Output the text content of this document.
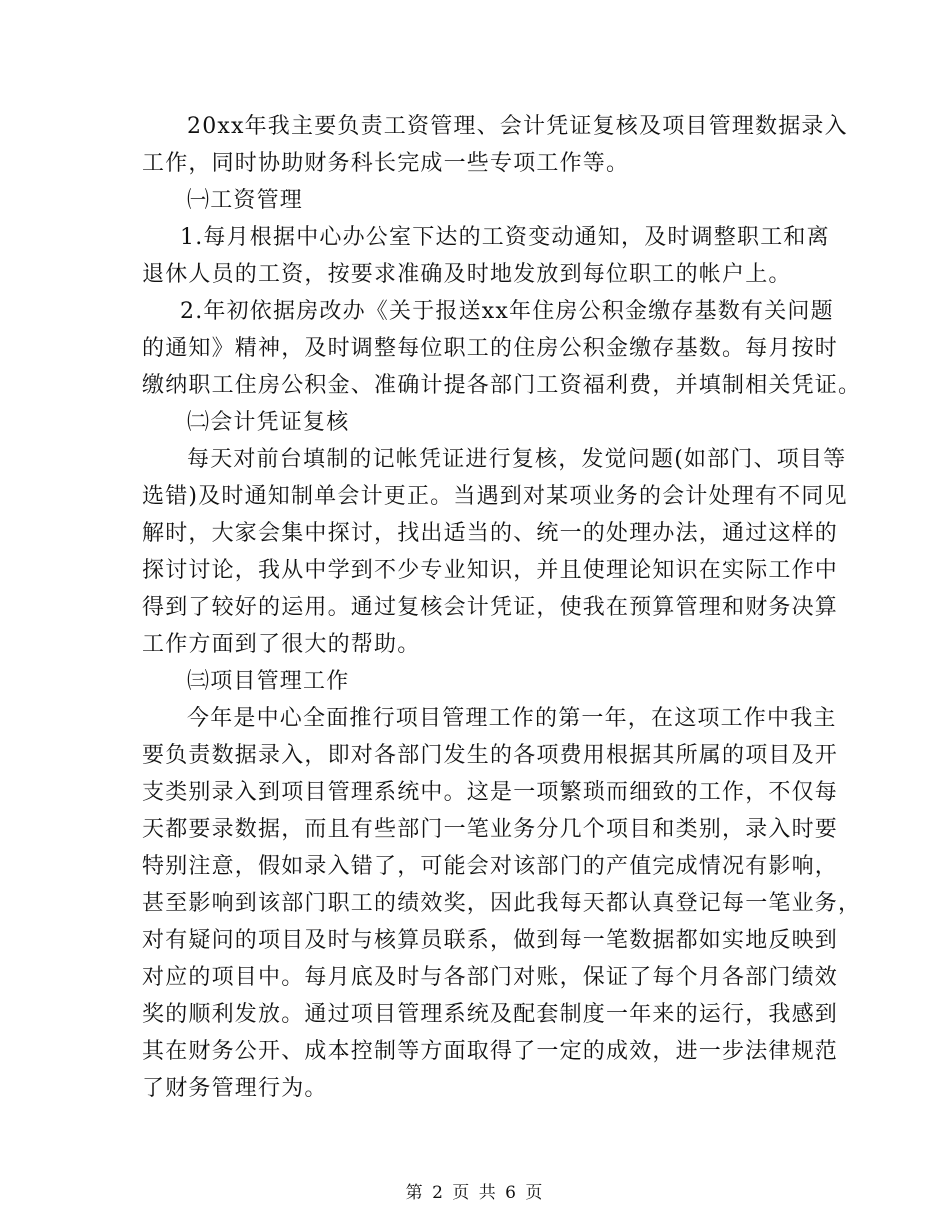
20xx年我主要负责工资管理、会计凭证复核及项目管理数据录入
工作，同时协助财务科长完成一些专项工作等。
㈠工资管理
1.每月根据中心办公室下达的工资变动通知，及时调整职工和离
退休人员的工资，按要求准确及时地发放到每位职工的帐户上。
2.年初依据房改办《关于报送xx年住房公积金缴存基数有关问题
的通知》精神，及时调整每位职工的住房公积金缴存基数。每月按时
缴纳职工住房公积金、准确计提各部门工资福利费，并填制相关凭证。
㈡会计凭证复核
每天对前台填制的记帐凭证进行复核，发觉问题(如部门、项目等
选错)及时通知制单会计更正。当遇到对某项业务的会计处理有不同见
解时，大家会集中探讨，找出适当的、统一的处理办法，通过这样的
探讨讨论，我从中学到不少专业知识，并且使理论知识在实际工作中
得到了较好的运用。通过复核会计凭证，使我在预算管理和财务决算
工作方面到了很大的帮助。
㈢项目管理工作
今年是中心全面推行项目管理工作的第一年，在这项工作中我主
要负责数据录入，即对各部门发生的各项费用根据其所属的项目及开
支类别录入到项目管理系统中。这是一项繁琐而细致的工作，不仅每
天都要录数据，而且有些部门一笔业务分几个项目和类别，录入时要
特别注意，假如录入错了，可能会对该部门的产值完成情况有影响，
甚至影响到该部门职工的绩效奖，因此我每天都认真登记每一笔业务，
对有疑问的项目及时与核算员联系，做到每一笔数据都如实地反映到
对应的项目中。每月底及时与各部门对账，保证了每个月各部门绩效
奖的顺利发放。通过项目管理系统及配套制度一年来的运行，我感到
其在财务公开、成本控制等方面取得了一定的成效，进一步法律规范
了财务管理行为。
第 2 页 共 6 页
